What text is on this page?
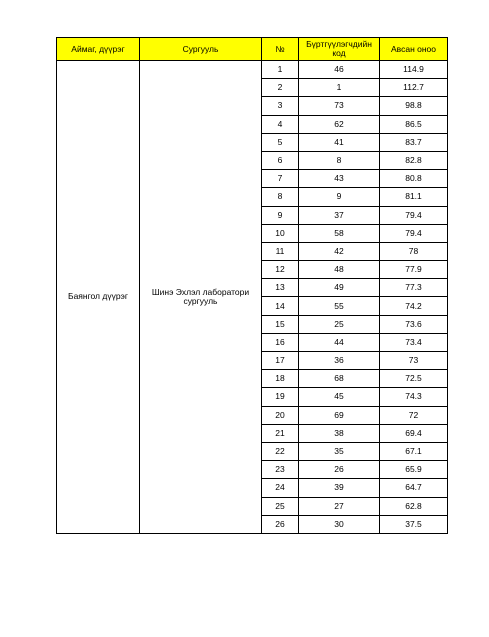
Аймаг, дүүрэг	Сургууль	№	Бүртгүүлэгчдийн код	Авсан оноо
Баянгол дүүрэг	Шинэ Эхлэл лаборатори сургууль	1	46	114.9
		2	1	112.7
		3	73	98.8
		4	62	86.5
		5	41	83.7
		6	8	82.8
		7	43	80.8
		8	9	81.1
		9	37	79.4
		10	58	79.4
		11	42	78
		12	48	77.9
		13	49	77.3
		14	55	74.2
		15	25	73.6
		16	44	73.4
		17	36	73
		18	68	72.5
		19	45	74.3
		20	69	72
		21	38	69.4
		22	35	67.1
		23	26	65.9
		24	39	64.7
		25	27	62.8
		26	30	37.5
